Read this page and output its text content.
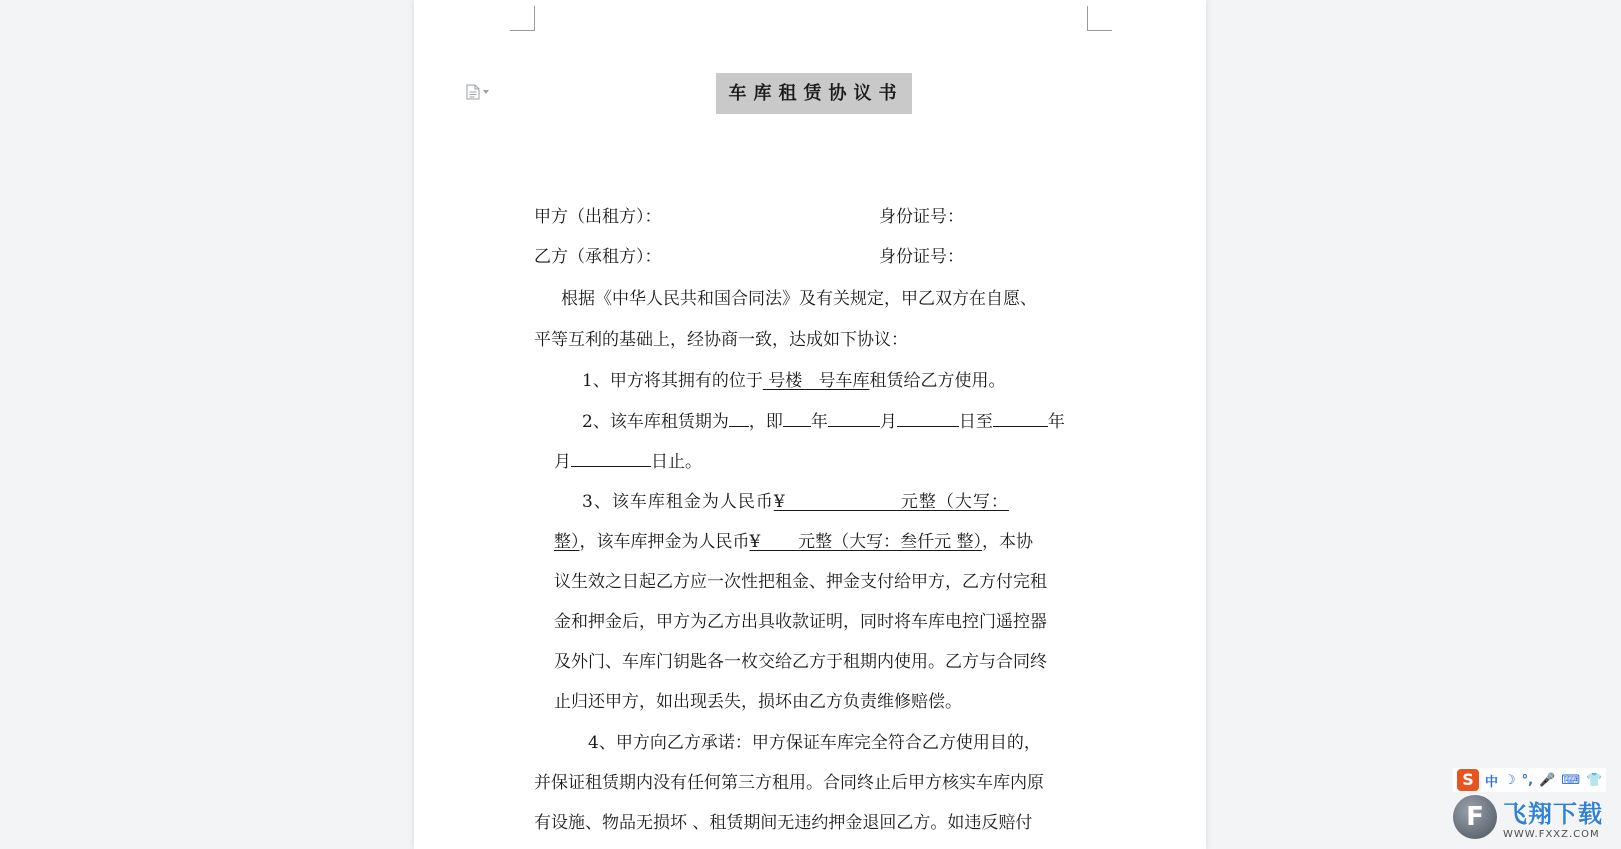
车库租赁协议书
甲方（出租方）：	身份证号：
乙方（承租方）：	身份证号：
根据《中华人民共和国合同法》及有关规定，甲乙双方在自愿、
平等互利的基础上，经协商一致，达成如下协议：
1、甲方将其拥有的位于 号楼   号车库租赁给乙方使用。
2、该车库租赁期为 ，即 年	月	日至	年
月	日止。
3、该车库租金为人民币¥                  元整（大写：
整），该车库押金为人民币¥       元整（大写：叁仟元 整），本协
议生效之日起乙方应一次性把租金、押金支付给甲方，乙方付完租
金和押金后，甲方为乙方出具收款证明，同时将车库电控门遥控器
及外门、车库门钥匙各一枚交给乙方于租期内使用。乙方与合同终
止归还甲方，如出现丢失，损坏由乙方负责维修赔偿。
4、甲方向乙方承诺：甲方保证车库完全符合乙方使用目的，
并保证租赁期内没有任何第三方租用。合同终止后甲方核实车库内原
有设施、物品无损坏 、租赁期间无违约押金退回乙方。如违反赔付
S 中 ☽ °, 🎤 ⌨ 👕
F 飞翔下载
WWW.FXXZ.COM
